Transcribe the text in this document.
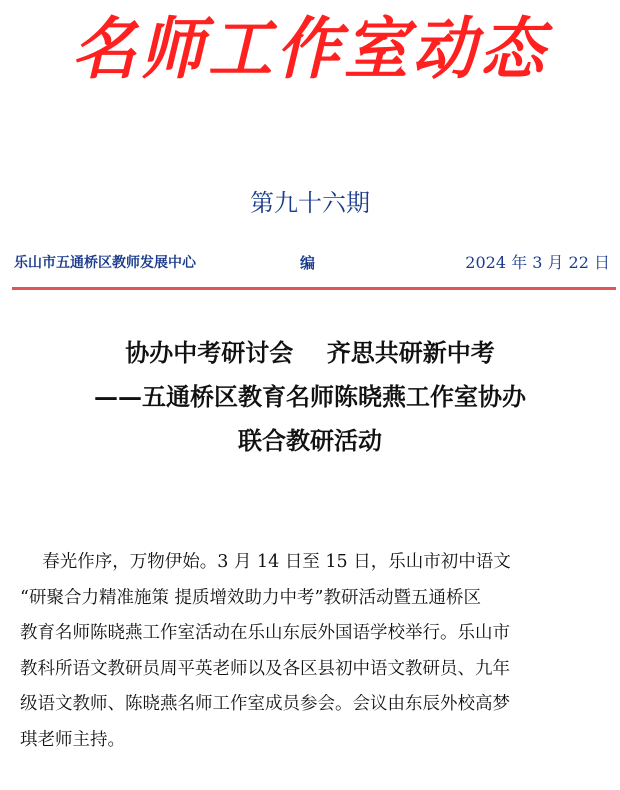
名师工作室动态
第九十六期
乐山市五通桥区教师发展中心	编	2024 年 3 月 22 日
协办中考研讨会    齐思共研新中考
——五通桥区教育名师陈晓燕工作室协办
联合教研活动
春光作序，万物伊始。3 月 14 日至 15 日，乐山市初中语文
“研聚合力精准施策 提质增效助力中考”教研活动暨五通桥区
教育名师陈晓燕工作室活动在乐山东辰外国语学校举行。乐山市
教科所语文教研员周平英老师以及各区县初中语文教研员、九年
级语文教师、陈晓燕名师工作室成员参会。会议由东辰外校高梦
琪老师主持。
